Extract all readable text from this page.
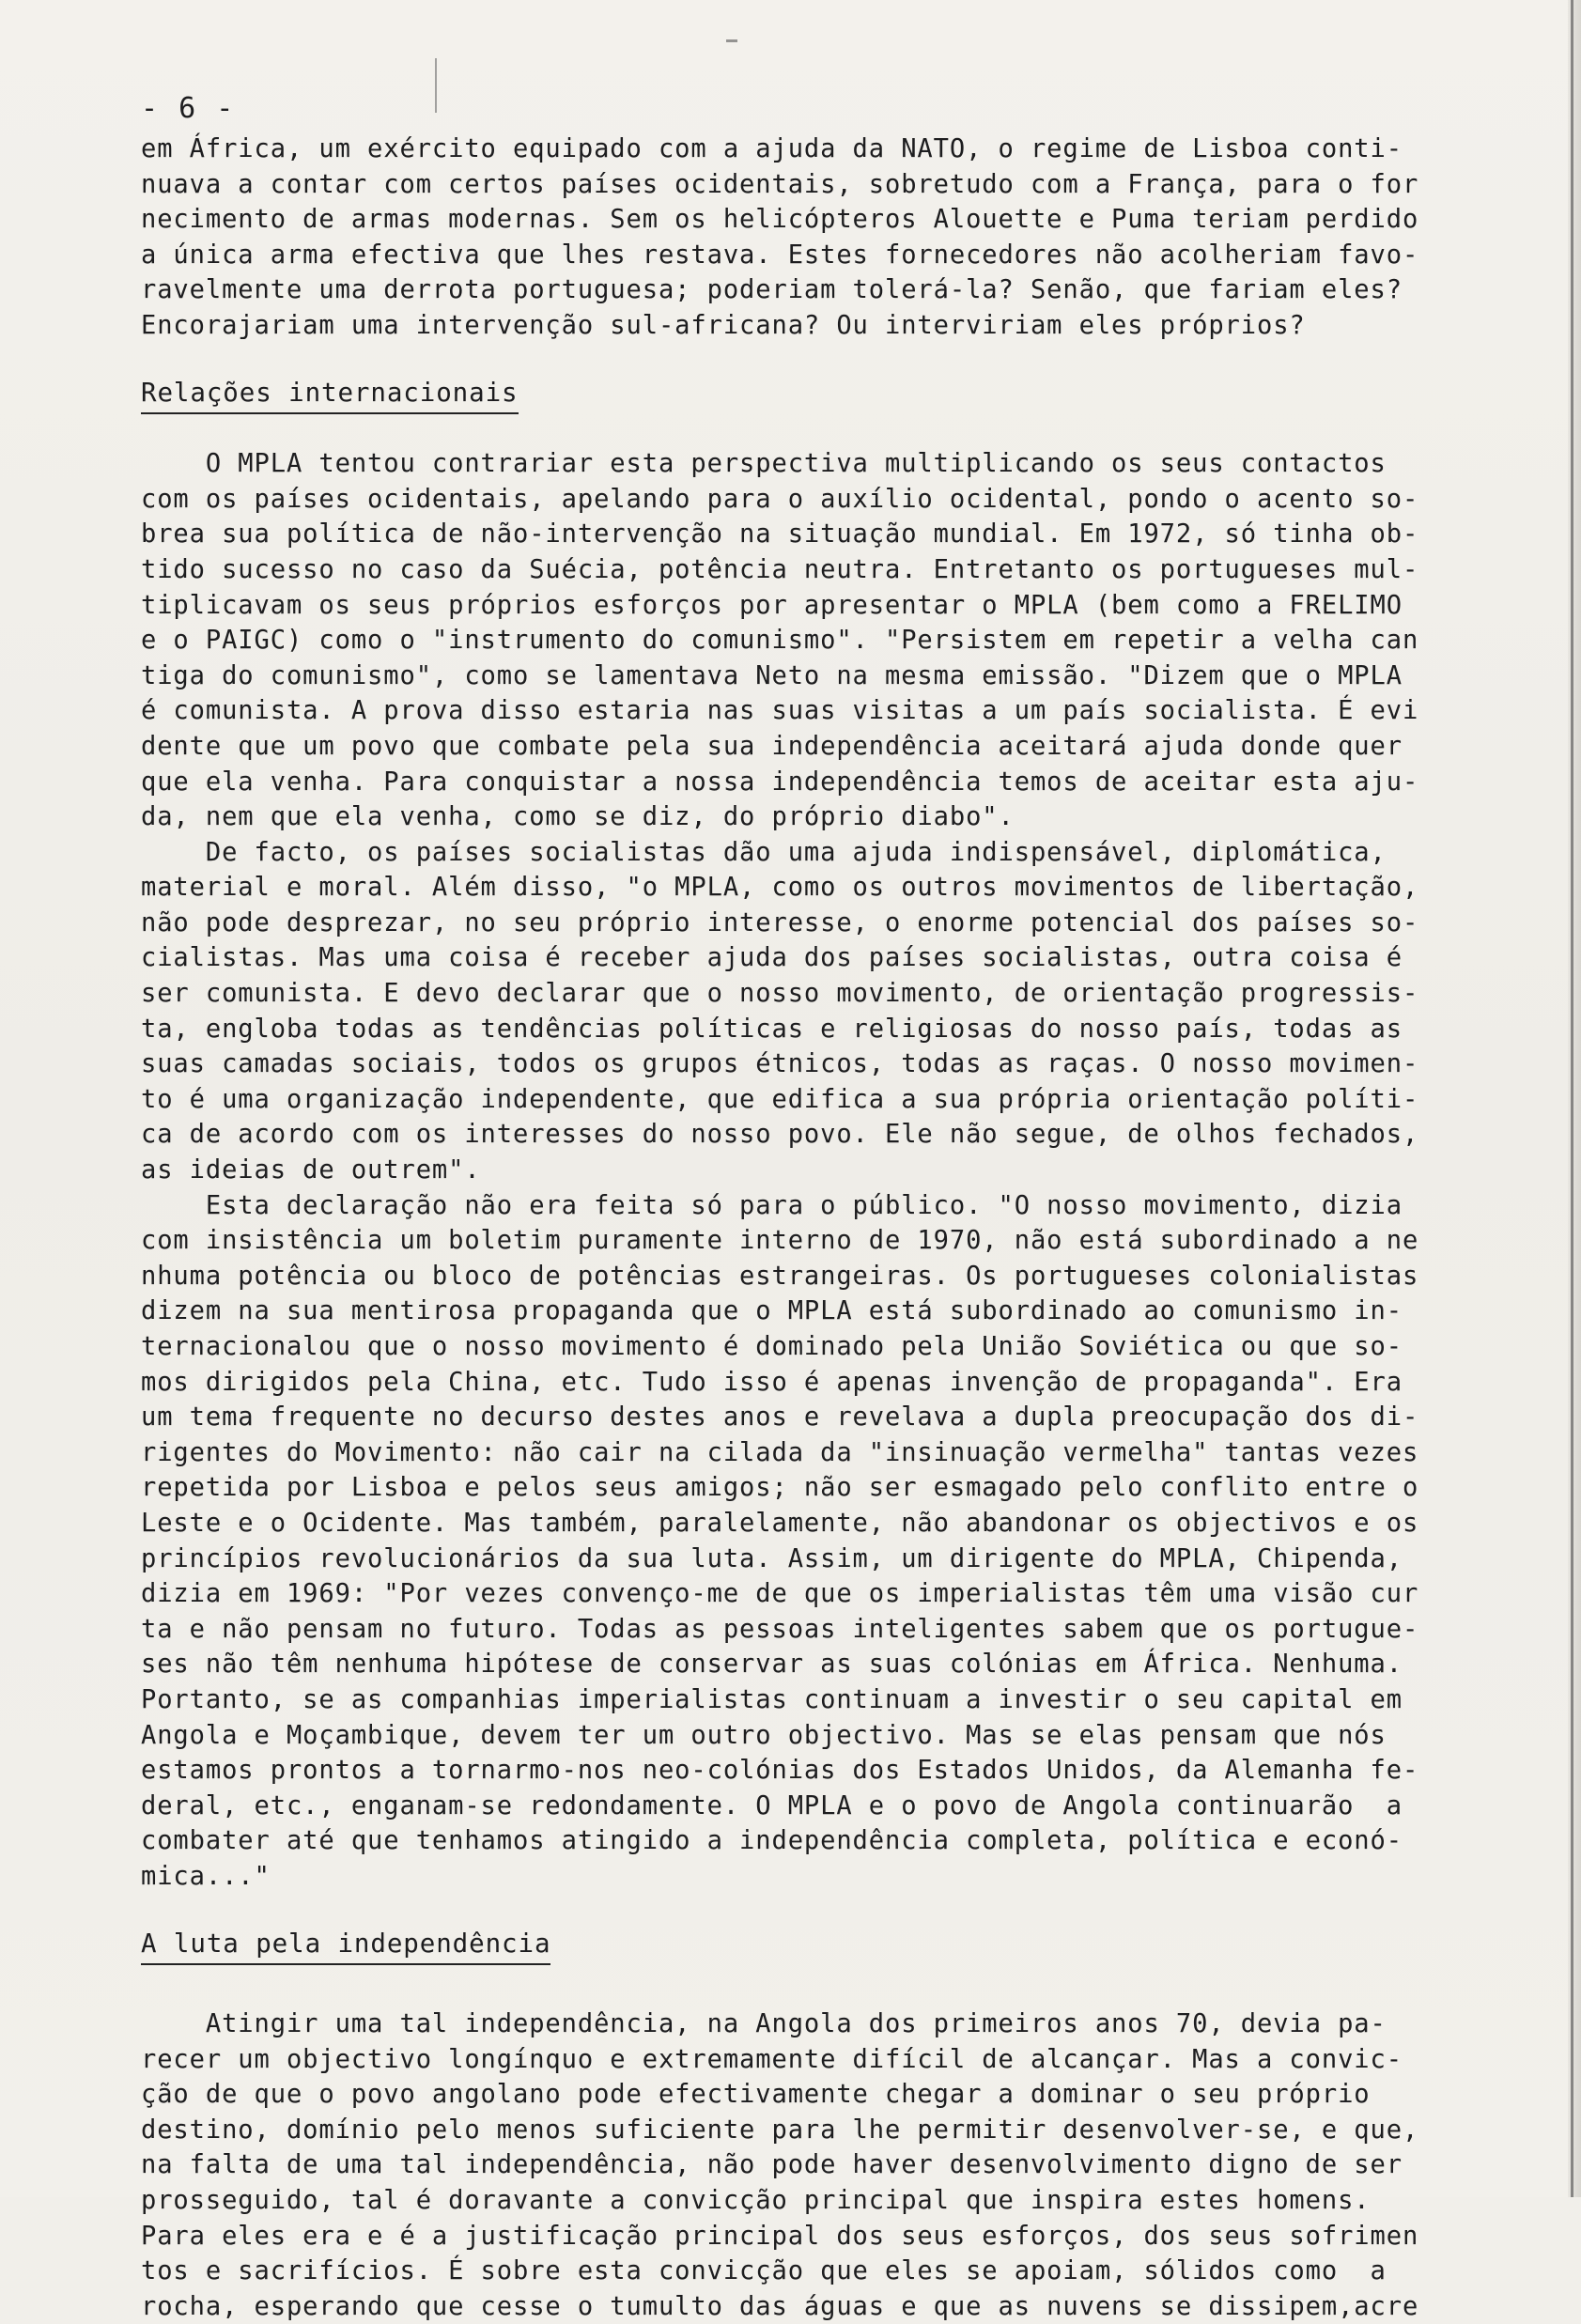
- 6 -
em África, um exército equipado com a ajuda da NATO, o regime de Lisboa conti-
nuava a contar com certos países ocidentais, sobretudo com a França, para o for
necimento de armas modernas. Sem os helicópteros Alouette e Puma teriam perdido
a única arma efectiva que lhes restava. Estes fornecedores não acolheriam favo-
ravelmente uma derrota portuguesa; poderiam tolerá-la? Senão, que fariam eles?
Encorajariam uma intervenção sul-africana? Ou interviriam eles próprios?
Relações internacionais
O MPLA tentou contrariar esta perspectiva multiplicando os seus contactos
com os países ocidentais, apelando para o auxílio ocidental, pondo o acento so-
brea sua política de não-intervenção na situação mundial. Em 1972, só tinha ob-
tido sucesso no caso da Suécia, potência neutra. Entretanto os portugueses mul-
tiplicavam os seus próprios esforços por apresentar o MPLA (bem como a FRELIMO
e o PAIGC) como o "instrumento do comunismo". "Persistem em repetir a velha can
tiga do comunismo", como se lamentava Neto na mesma emissão. "Dizem que o MPLA
é comunista. A prova disso estaria nas suas visitas a um país socialista. É evi
dente que um povo que combate pela sua independência aceitará ajuda donde quer
que ela venha. Para conquistar a nossa independência temos de aceitar esta aju-
da, nem que ela venha, como se diz, do próprio diabo".
De facto, os países socialistas dão uma ajuda indispensável, diplomática,
material e moral. Além disso, "o MPLA, como os outros movimentos de libertação,
não pode desprezar, no seu próprio interesse, o enorme potencial dos países so-
cialistas. Mas uma coisa é receber ajuda dos países socialistas, outra coisa é
ser comunista. E devo declarar que o nosso movimento, de orientação progressis-
ta, engloba todas as tendências políticas e religiosas do nosso país, todas as
suas camadas sociais, todos os grupos étnicos, todas as raças. O nosso movimen-
to é uma organização independente, que edifica a sua própria orientação políti-
ca de acordo com os interesses do nosso povo. Ele não segue, de olhos fechados,
as ideias de outrem".
Esta declaração não era feita só para o público. "O nosso movimento, dizia
com insistência um boletim puramente interno de 1970, não está subordinado a ne
nhuma potência ou bloco de potências estrangeiras. Os portugueses colonialistas
dizem na sua mentirosa propaganda que o MPLA está subordinado ao comunismo in-
ternacionalou que o nosso movimento é dominado pela União Soviética ou que so-
mos dirigidos pela China, etc. Tudo isso é apenas invenção de propaganda". Era
um tema frequente no decurso destes anos e revelava a dupla preocupação dos di-
rigentes do Movimento: não cair na cilada da "insinuação vermelha" tantas vezes
repetida por Lisboa e pelos seus amigos; não ser esmagado pelo conflito entre o
Leste e o Ocidente. Mas também, paralelamente, não abandonar os objectivos e os
princípios revolucionários da sua luta. Assim, um dirigente do MPLA, Chipenda,
dizia em 1969: "Por vezes convenço-me de que os imperialistas têm uma visão cur
ta e não pensam no futuro. Todas as pessoas inteligentes sabem que os portugue-
ses não têm nenhuma hipótese de conservar as suas colónias em África. Nenhuma.
Portanto, se as companhias imperialistas continuam a investir o seu capital em
Angola e Moçambique, devem ter um outro objectivo. Mas se elas pensam que nós
estamos prontos a tornarmo-nos neo-colónias dos Estados Unidos, da Alemanha fe-
deral, etc., enganam-se redondamente. O MPLA e o povo de Angola continuarão  a
combater até que tenhamos atingido a independência completa, política e econó-
mica..."
A luta pela independência
Atingir uma tal independência, na Angola dos primeiros anos 70, devia pa-
recer um objectivo longínquo e extremamente difícil de alcançar. Mas a convic-
ção de que o povo angolano pode efectivamente chegar a dominar o seu próprio
destino, domínio pelo menos suficiente para lhe permitir desenvolver-se, e que,
na falta de uma tal independência, não pode haver desenvolvimento digno de ser
prosseguido, tal é doravante a convicção principal que inspira estes homens.
Para eles era e é a justificação principal dos seus esforços, dos seus sofrimen
tos e sacrifícios. É sobre esta convicção que eles se apoiam, sólidos como  a
rocha, esperando que cesse o tumulto das águas e que as nuvens se dissipem,acre
